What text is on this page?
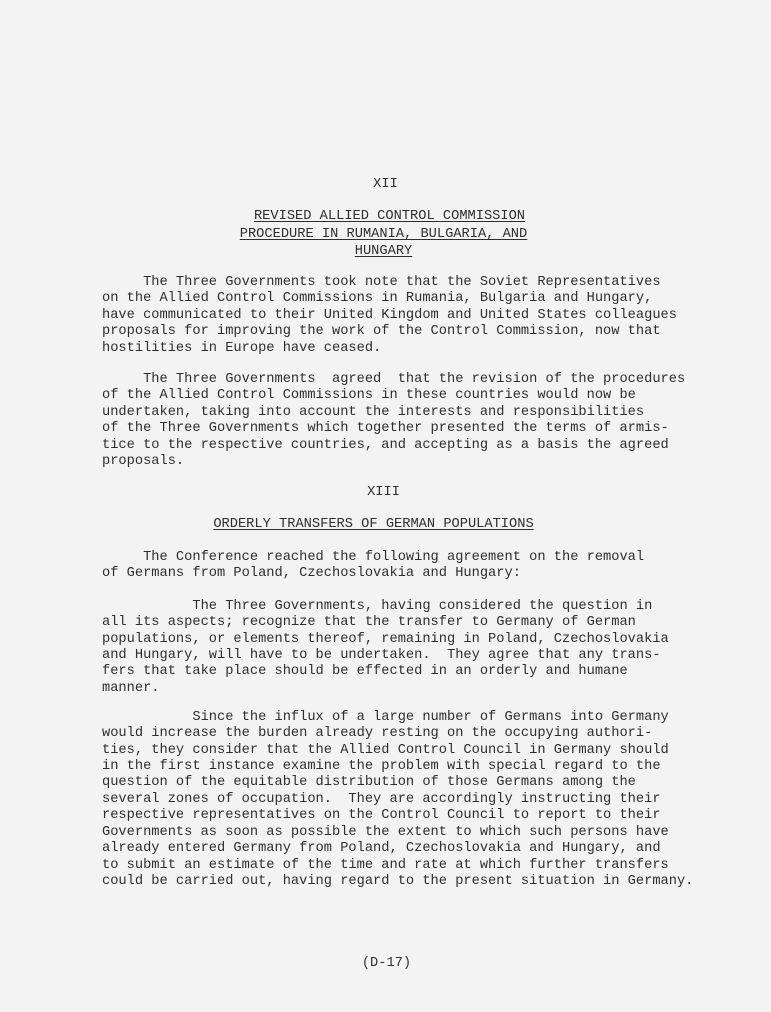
XII
REVISED ALLIED CONTROL COMMISSION
PROCEDURE IN RUMANIA, BULGARIA, AND
HUNGARY
The Three Governments took note that the Soviet Representatives
on the Allied Control Commissions in Rumania, Bulgaria and Hungary,
have communicated to their United Kingdom and United States colleagues
proposals for improving the work of the Control Commission, now that
hostilities in Europe have ceased.
The Three Governments  agreed  that the revision of the procedures
of the Allied Control Commissions in these countries would now be
undertaken, taking into account the interests and responsibilities
of the Three Governments which together presented the terms of armis-
tice to the respective countries, and accepting as a basis the agreed
proposals.
XIII
ORDERLY TRANSFERS OF GERMAN POPULATIONS
The Conference reached the following agreement on the removal
of Germans from Poland, Czechoslovakia and Hungary:
The Three Governments, having considered the question in
all its aspects; recognize that the transfer to Germany of German
populations, or elements thereof, remaining in Poland, Czechoslovakia
and Hungary, will have to be undertaken.  They agree that any trans-
fers that take place should be effected in an orderly and humane
manner.
Since the influx of a large number of Germans into Germany
would increase the burden already resting on the occupying authori-
ties, they consider that the Allied Control Council in Germany should
in the first instance examine the problem with special regard to the
question of the equitable distribution of those Germans among the
several zones of occupation.  They are accordingly instructing their
respective representatives on the Control Council to report to their
Governments as soon as possible the extent to which such persons have
already entered Germany from Poland, Czechoslovakia and Hungary, and
to submit an estimate of the time and rate at which further transfers
could be carried out, having regard to the present situation in Germany.
(D-17)
